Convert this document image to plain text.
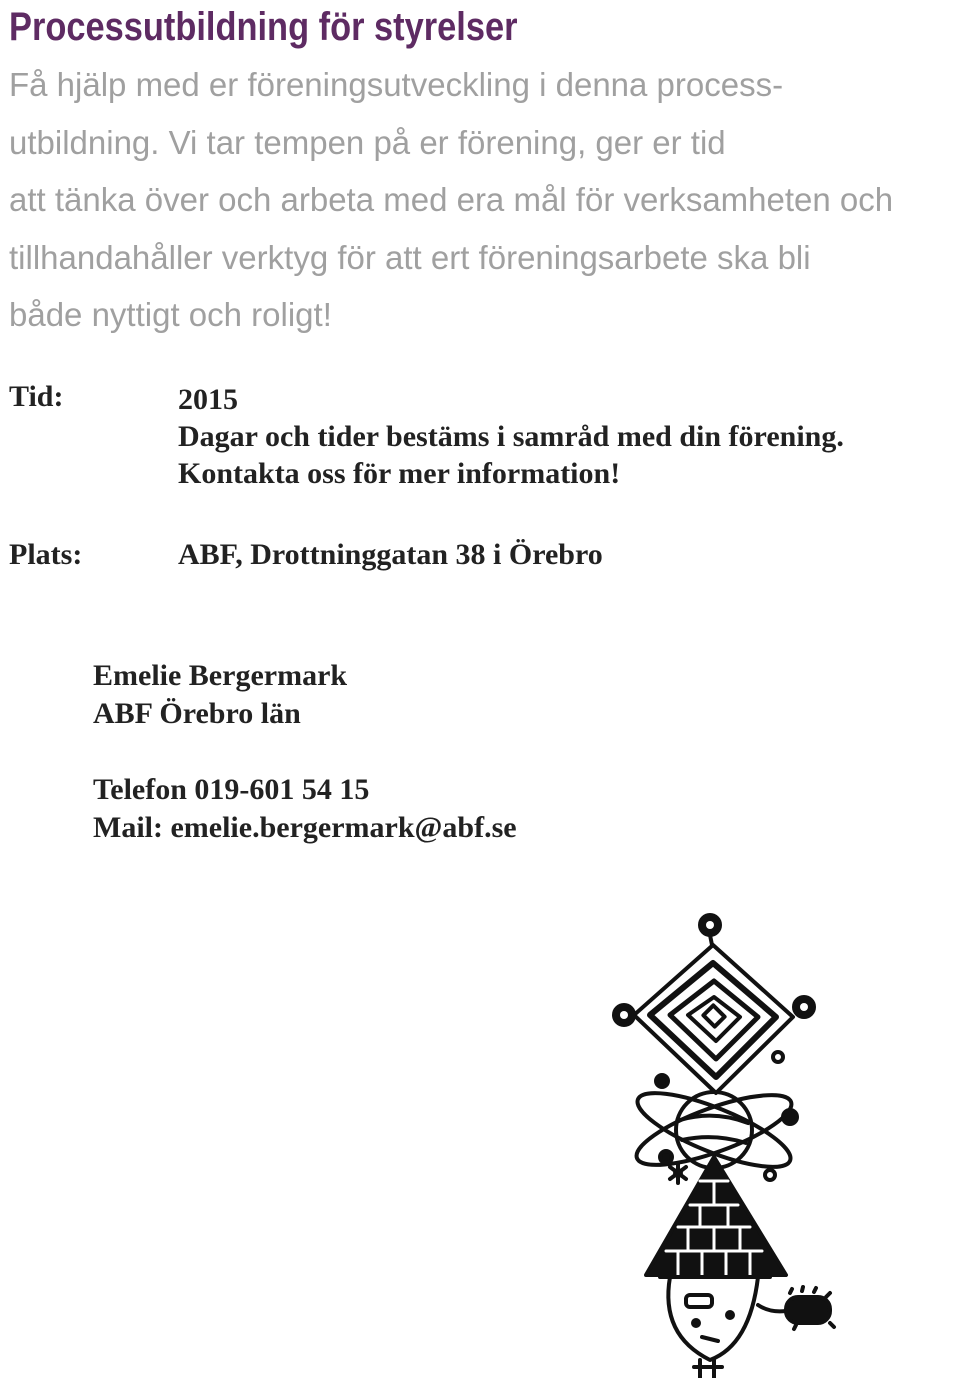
Processutbildning för styrelser
Få hjälp med er föreningsutveckling i denna process-
utbildning. Vi tar tempen på er förening, ger er tid
att tänka över och arbeta med era mål för verksamheten och
tillhandahåller verktyg för att ert föreningsarbete ska bli
både nyttigt och roligt!
Tid:	2015
Dagar och tider bestäms i samråd med din förening.
Kontakta oss för mer information!
Plats:	ABF, Drottninggatan 38 i Örebro
Emelie Bergermark
ABF Örebro län
Telefon 019-601 54 15
Mail: emelie.bergermark@abf.se
